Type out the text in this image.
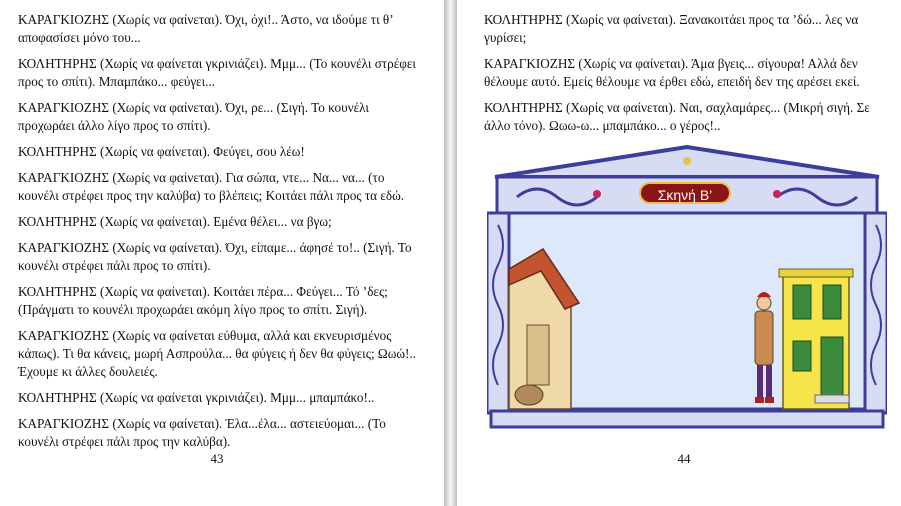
ΚΑΡΑΓΚΙΟΖΗΣ (Χωρίς να φαίνεται). Όχι, όχι!.. Άστο, να ιδούμε τι θ’ αποφασίσει μόνο του...

ΚΟΛΗΤΗΡΗΣ (Χωρίς να φαίνεται γκρινιάζει). Μμμ... (Το κουνέλι στρέφει προς το σπίτι). Μπαμπάκο... φεύγει...

ΚΑΡΑΓΚΙΟΖΗΣ (Χωρίς να φαίνεται). Όχι, ρε... (Σιγή. Το κουνέλι προχωράει άλλο λίγο προς το σπίτι).

ΚΟΛΗΤΗΡΗΣ (Χωρίς να φαίνεται). Φεύγει, σου λέω!

ΚΑΡΑΓΚΙΟΖΗΣ (Χωρίς να φαίνεται). Για σώπα, ντε... Να... να... (το κουνέλι στρέφει προς την καλύβα) το βλέπεις; Κοιτάει πάλι προς τα εδώ.

ΚΟΛΗΤΗΡΗΣ (Χωρίς να φαίνεται). Εμένα θέλει... να βγω;

ΚΑΡΑΓΚΙΟΖΗΣ (Χωρίς να φαίνεται). Όχι, είπαμε... άφησέ το!.. (Σιγή. Το κουνέλι στρέφει πάλι προς το σπίτι).

ΚΟΛΗΤΗΡΗΣ (Χωρίς να φαίνεται). Κοιτάει πέρα... Φεύγει... Τό ’δες; (Πράγματι το κουνέλι προχωράει ακόμη λίγο προς το σπίτι. Σιγή).

ΚΑΡΑΓΚΙΟΖΗΣ (Χωρίς να φαίνεται εύθυμα, αλλά και εκνευρισμένος κάπως). Τι θα κάνεις, μωρή Ασπρούλα... θα φύγεις ή δεν θα φύγεις; Ωωώ!.. Έχουμε κι άλλες δουλειές.

ΚΟΛΗΤΗΡΗΣ (Χωρίς να φαίνεται γκρινιάζει). Μμμ... μπαμπάκο!..

ΚΑΡΑΓΚΙΟΖΗΣ (Χωρίς να φαίνεται). Έλα...έλα... αστειεύομαι... (Το κουνέλι στρέφει πάλι προς την καλύβα).

43

ΚΟΛΗΤΗΡΗΣ (Χωρίς να φαίνεται). Ξανακοιτάει προς τα ’δώ... λες να γυρίσει;

ΚΑΡΑΓΚΙΟΖΗΣ (Χωρίς να φαίνεται). Άμα βγεις... σίγουρα! Αλλά δεν θέλουμε αυτό. Εμείς θέλουμε να έρθει εδώ, επειδή δεν της αρέσει εκεί.

ΚΟΛΗΤΗΡΗΣ (Χωρίς να φαίνεται). Ναι, σαχλαμάρες... (Μικρή σιγή. Σε άλλο τόνο). Ωωω-ω... μπαμπάκο... ο γέρος!..

Σκηνή Β’
44
